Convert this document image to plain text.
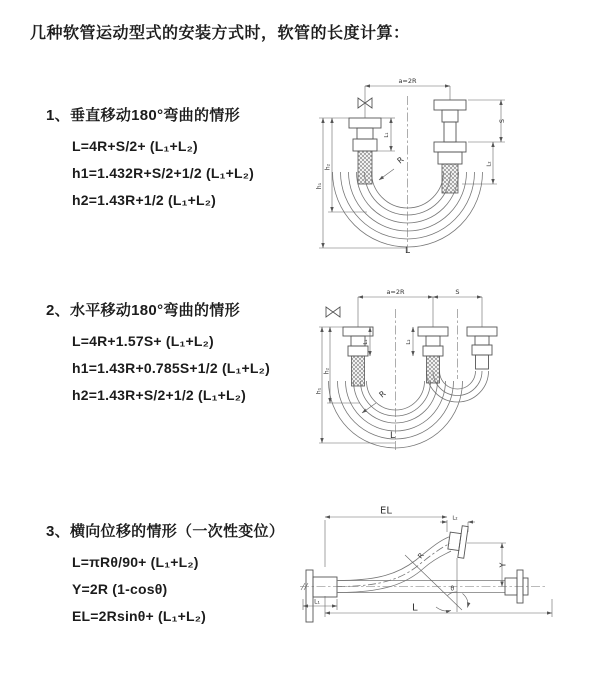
几种软管运动型式的安装方式时，软管的长度计算：
1、垂直移动180°弯曲的情形
L=4R+S/2+ (L₁+L₂)
h1=1.432R+S/2+1/2 (L₁+L₂)
h2=1.43R+1/2 (L₁+L₂)
2、水平移动180°弯曲的情形
L=4R+1.57S+ (L₁+L₂)
h1=1.43R+0.785S+1/2 (L₁+L₂)
h2=1.43R+S/2+1/2 (L₁+L₂)
3、横向位移的情形（一次性变位）
L=πRθ/90+ (L₁+L₂)
Y=2R (1-cosθ)
EL=2Rsinθ+ (L₁+L₂)
a=2R
h₁
h₂
S
L₂
L₁
R
L
a=2R	S
h₁
h₂
L₁	L₂
R
L
EL
L₂
Y
R
θ
L
L₁
